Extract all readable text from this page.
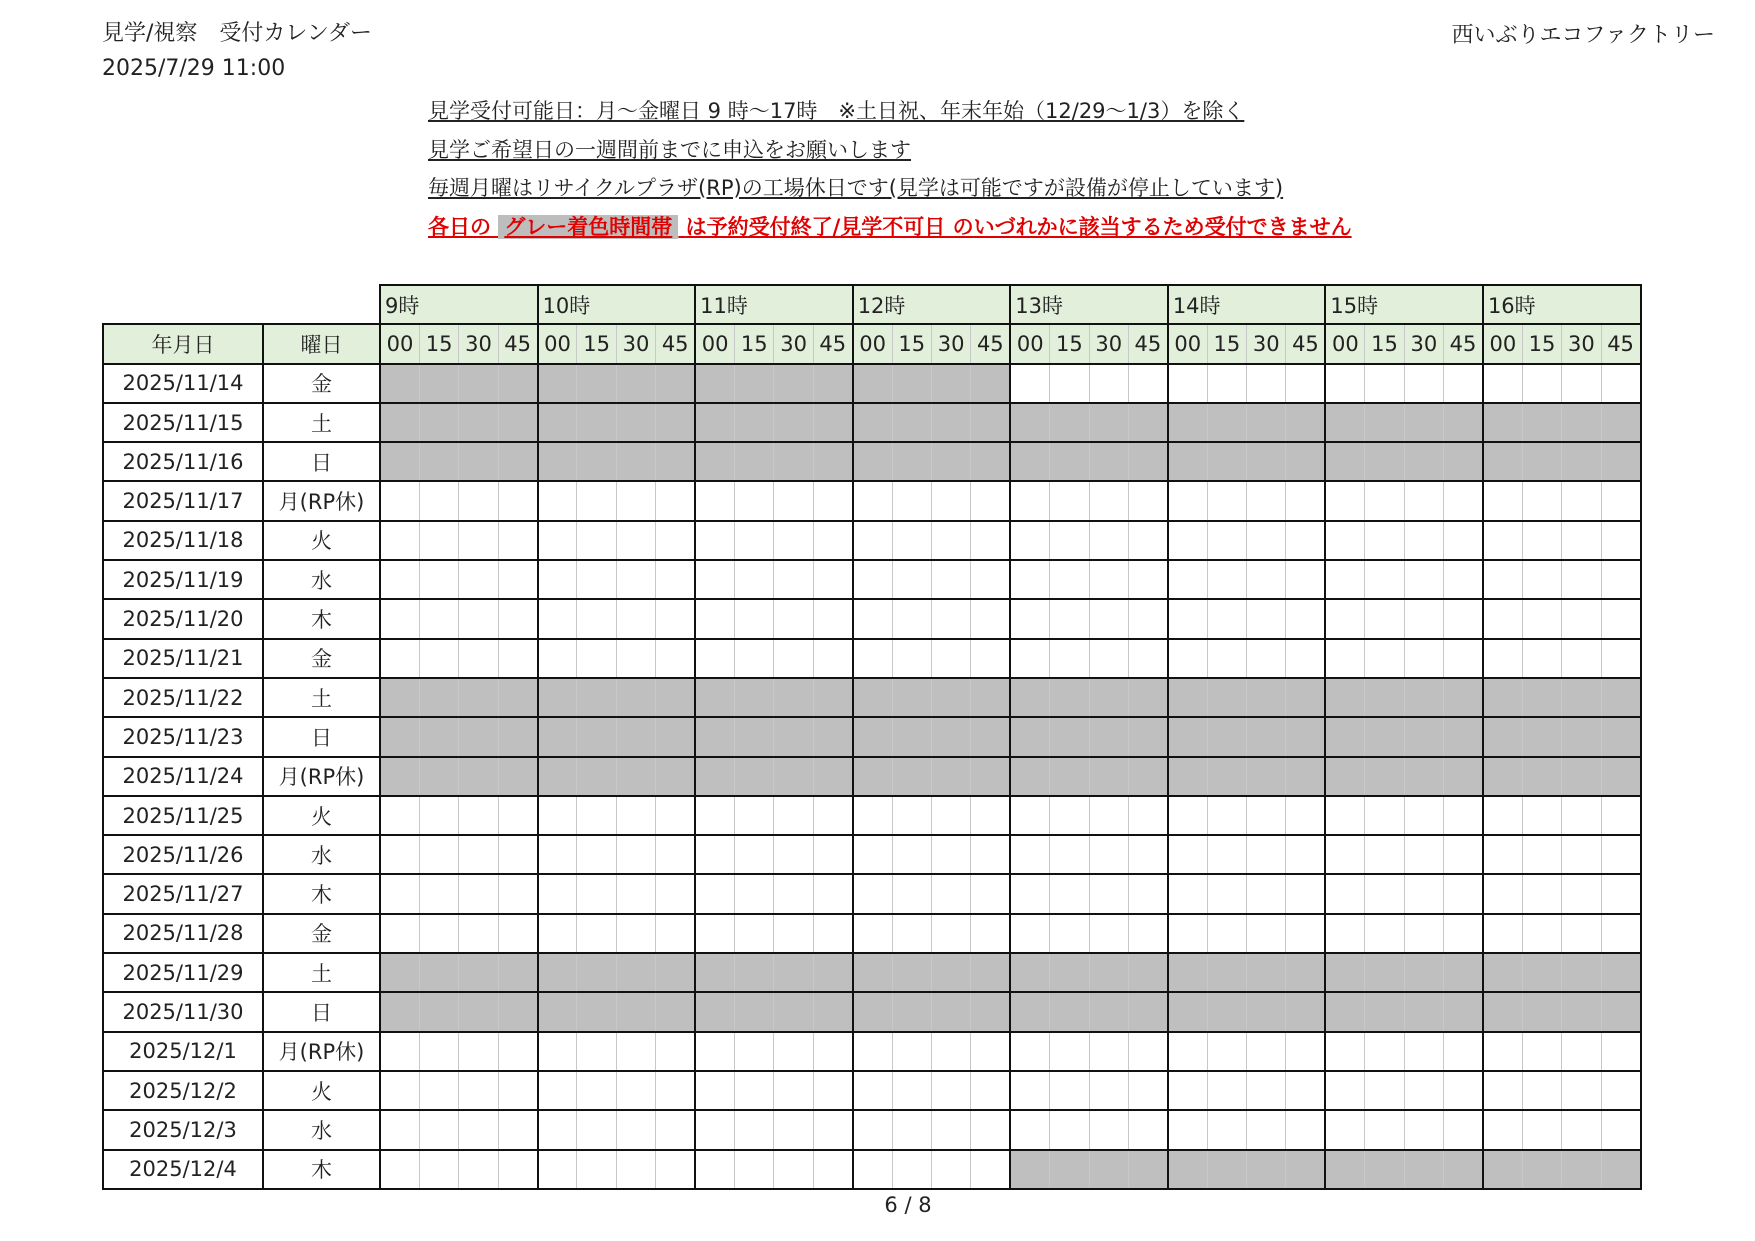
見学/視察　受付カレンダー
2025/7/29 11:00
西いぶりエコファクトリー
見学受付可能日：月～金曜日 9 時～17時　※土日祝、年末年始（12/29～1/3）を除く
見学ご希望日の一週間前までに申込をお願いします
毎週月曜はリサイクルプラザ(RP)の工場休日です(見学は可能ですが設備が停止しています)
各日の グレー着色時間帯 は予約受付終了/見学不可日 のいづれかに該当するため受付できません
		9時				10時				11時				12時				13時				14時				15時				16時			
年月日	曜日	00	15	30	45	00	15	30	45	00	15	30	45	00	15	30	45	00	15	30	45	00	15	30	45	00	15	30	45	00	15	30	45
2025/11/14	金																																
2025/11/15	土																																
2025/11/16	日																																
2025/11/17	月(RP休)																																
2025/11/18	火																																
2025/11/19	水																																
2025/11/20	木																																
2025/11/21	金																																
2025/11/22	土																																
2025/11/23	日																																
2025/11/24	月(RP休)																																
2025/11/25	火																																
2025/11/26	水																																
2025/11/27	木																																
2025/11/28	金																																
2025/11/29	土																																
2025/11/30	日																																
2025/12/1	月(RP休)																																
2025/12/2	火																																
2025/12/3	水																																
2025/12/4	木																																
6 / 8
